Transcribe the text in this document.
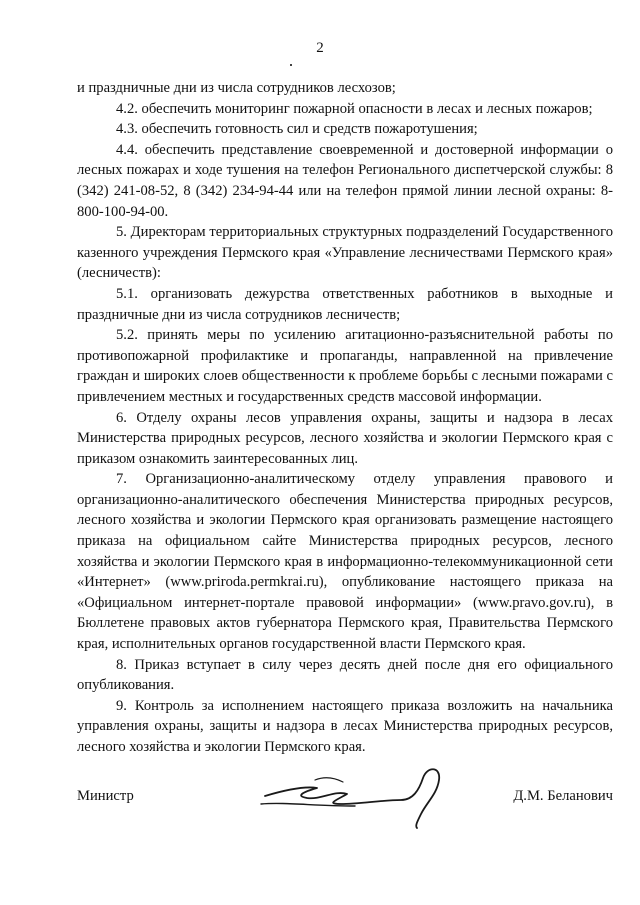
2

и праздничные дни из числа сотрудников лесхозов;

4.2. обеспечить мониторинг пожарной опасности в лесах и лесных пожаров;

4.3. обеспечить готовность сил и средств пожаротушения;

4.4. обеспечить представление своевременной и достоверной информации о лесных пожарах и ходе тушения на телефон Регионального диспетчерской службы: 8 (342) 241-08-52, 8 (342) 234-94-44 или на телефон прямой линии лесной охраны: 8-800-100-94-00.

5. Директорам территориальных структурных подразделений Государственного казенного учреждения Пермского края «Управление лесничествами Пермского края» (лесничеств):

5.1. организовать дежурства ответственных работников в выходные и праздничные дни из числа сотрудников лесничеств;

5.2. принять меры по усилению агитационно-разъяснительной работы по противопожарной профилактике и пропаганды, направленной на привлечение граждан и широких слоев общественности к проблеме борьбы с лесными пожарами с привлечением местных и государственных средств массовой информации.

6. Отделу охраны лесов управления охраны, защиты и надзора в лесах Министерства природных ресурсов, лесного хозяйства и экологии Пермского края с приказом ознакомить заинтересованных лиц.

7. Организационно-аналитическому отделу управления правового и организационно-аналитического обеспечения Министерства природных ресурсов, лесного хозяйства и экологии Пермского края организовать размещение настоящего приказа на официальном сайте Министерства природных ресурсов, лесного хозяйства и экологии Пермского края в информационно-телекоммуникационной сети «Интернет» (www.priroda.permkrai.ru), опубликование настоящего приказа на «Официальном интернет-портале правовой информации» (www.pravo.gov.ru), в Бюллетене правовых актов губернатора Пермского края, Правительства Пермского края, исполнительных органов государственной власти Пермского края.

8. Приказ вступает в силу через десять дней после дня его официального опубликования.

9. Контроль за исполнением настоящего приказа возложить на начальника управления охраны, защиты и надзора в лесах Министерства природных ресурсов, лесного хозяйства и экологии Пермского края.

Министр	Д.М. Беланович
